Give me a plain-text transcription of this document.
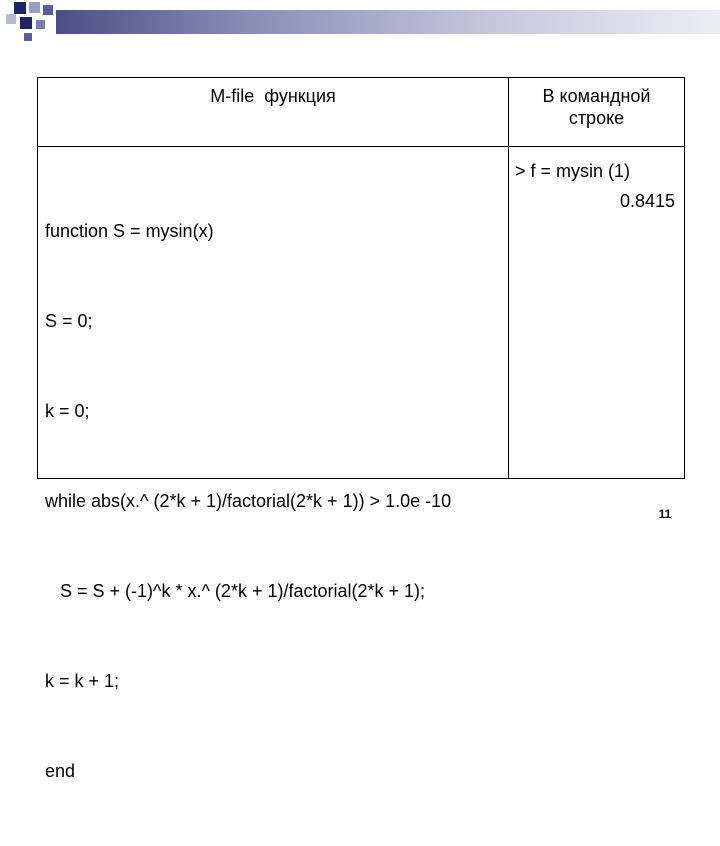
M-file  функция	В командной
строке

function S = mysin(x)

S = 0;

k = 0;

while abs(x.^ (2*k + 1)/factorial(2*k + 1)) > 1.0e -10

S = S + (-1)^k * x.^ (2*k + 1)/factorial(2*k + 1);

k = k + 1;

end

> f = mysin (1)
0.8415
11
